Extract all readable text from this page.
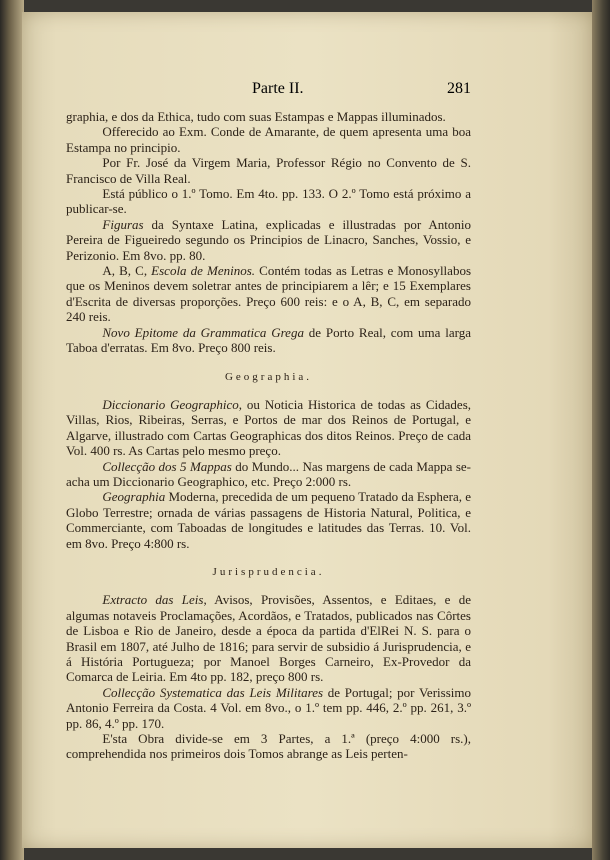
Parte II.	281

graphia, e dos da Ethica, tudo com suas Estampas e Mappas illuminados.

Offerecido ao Exm. Conde de Amarante, de quem apresenta uma boa Estampa no principio.

Por Fr. José da Virgem Maria, Professor Régio no Convento de S. Francisco de Villa Real.

Está público o 1.º Tomo. Em 4to. pp. 133. O 2.º Tomo está próximo a publicar-se.

Figuras da Syntaxe Latina, explicadas e illustradas por Antonio Pereira de Figueiredo segundo os Principios de Linacro, Sanches, Vossio, e Perizonio. Em 8vo. pp. 80.

A, B, C, Escola de Meninos. Contém todas as Letras e Monosyllabos que os Meninos devem soletrar antes de principiarem a lêr; e 15 Exemplares d'Escrita de diversas proporções. Preço 600 reis: e o A, B, C, em separado 240 reis.

Novo Epitome da Grammatica Grega de Porto Real, com uma larga Taboa d'erratas. Em 8vo. Preço 800 reis.

Geographia.

Diccionario Geographico, ou Noticia Historica de todas as Cidades, Villas, Rios, Ribeiras, Serras, e Portos de mar dos Reinos de Portugal, e Algarve, illustrado com Cartas Geographicas dos ditos Reinos. Preço de cada Vol. 400 rs. As Cartas pelo mesmo preço.

Collecção dos 5 Mappas do Mundo... Nas margens de cada Mappa se-acha um Diccionario Geographico, etc. Preço 2:000 rs.

Geographia Moderna, precedida de um pequeno Tratado da Esphera, e Globo Terrestre; ornada de várias passagens de Historia Natural, Politica, e Commerciante, com Taboadas de longitudes e latitudes das Terras. 10. Vol. em 8vo. Preço 4:800 rs.

Jurisprudencia.

Extracto das Leis, Avisos, Provisões, Assentos, e Editaes, e de algumas notaveis Proclamações, Acordãos, e Tratados, publicados nas Côrtes de Lisboa e Rio de Janeiro, desde a época da partida d'ElRei N. S. para o Brasil em 1807, até Julho de 1816; para servir de subsidio á Jurisprudencia, e á História Portugueza; por Manoel Borges Carneiro, Ex-Provedor da Comarca de Leiria. Em 4to pp. 182, preço 800 rs.

Collecção Systematica das Leis Militares de Portugal; por Verissimo Antonio Ferreira da Costa. 4 Vol. em 8vo., o 1.º tem pp. 446, 2.º pp. 261, 3.º pp. 86, 4.º pp. 170.

E'sta Obra divide-se em 3 Partes, a 1.ª (preço 4:000 rs.), comprehendida nos primeiros dois Tomos abrange as Leis perten-
